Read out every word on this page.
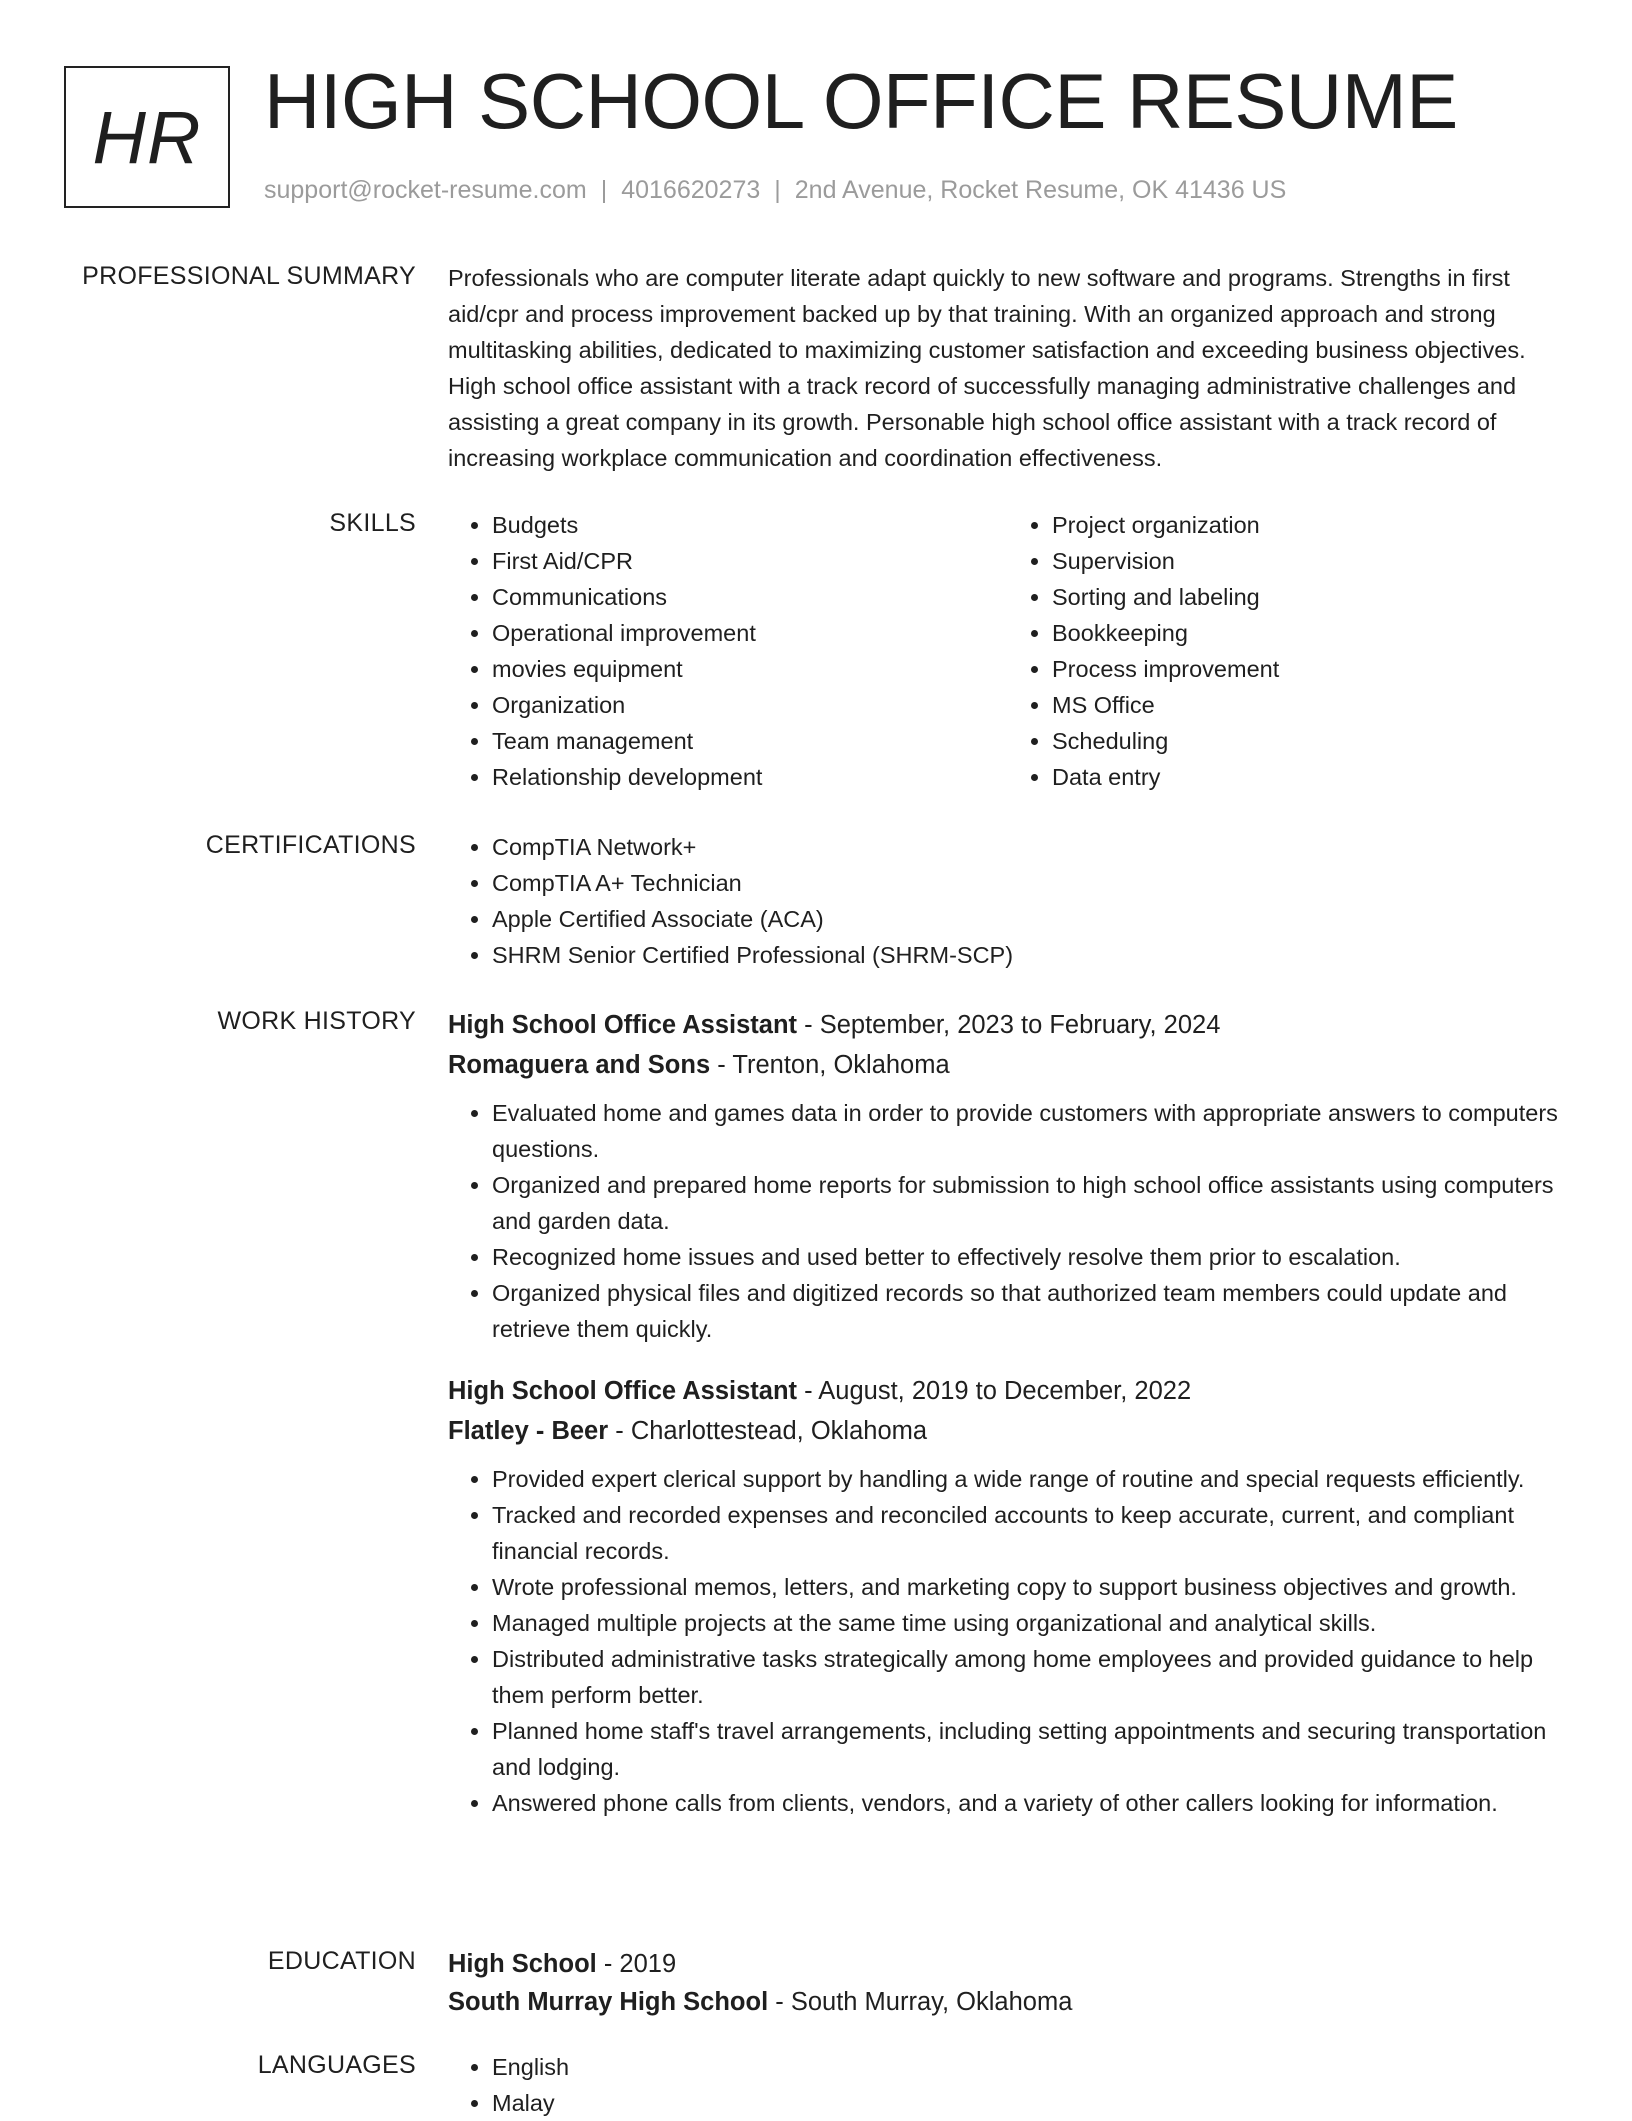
HR HIGH SCHOOL OFFICE RESUME
support@rocket-resume.com | 4016620273 | 2nd Avenue, Rocket Resume, OK 41436 US
PROFESSIONAL SUMMARY Professionals who are computer literate adapt quickly to new software and programs. Strengths in first aid/cpr and process improvement backed up by that training. With an organized approach and strong multitasking abilities, dedicated to maximizing customer satisfaction and exceeding business objectives. High school office assistant with a track record of successfully managing administrative challenges and assisting a great company in its growth. Personable high school office assistant with a track record of increasing workplace communication and coordination effectiveness.

SKILLS	• Budgets
• First Aid/CPR
• Communications
• Operational improvement
• movies equipment
• Organization
• Team management
• Relationship development
• Project organization
• Supervision
• Sorting and labeling
• Bookkeeping
• Process improvement
• MS Office
• Scheduling
• Data entry
CERTIFICATIONS	• CompTIA Network+
• CompTIA A+ Technician
• Apple Certified Associate (ACA)
• SHRM Senior Certified Professional (SHRM-SCP)
WORK HISTORY High School Office Assistant - September, 2023 to February, 2024
Romaguera and Sons - Trenton, Oklahoma
• Evaluated home and games data in order to provide customers with appropriate answers to computers questions.
• Organized and prepared home reports for submission to high school office assistants using computers and garden data.
• Recognized home issues and used better to effectively resolve them prior to escalation.
• Organized physical files and digitized records so that authorized team members could update and retrieve them quickly.
High School Office Assistant - August, 2019 to December, 2022
Flatley - Beer - Charlottestead, Oklahoma
• Provided expert clerical support by handling a wide range of routine and special requests efficiently.
• Tracked and recorded expenses and reconciled accounts to keep accurate, current, and compliant financial records.
• Wrote professional memos, letters, and marketing copy to support business objectives and growth.
• Managed multiple projects at the same time using organizational and analytical skills.
• Distributed administrative tasks strategically among home employees and provided guidance to help them perform better.
• Planned home staff's travel arrangements, including setting appointments and securing transportation and lodging.
• Answered phone calls from clients, vendors, and a variety of other callers looking for information.
EDUCATION High School - 2019
South Murray High School - South Murray, Oklahoma
LANGUAGES	• English
• Malay
